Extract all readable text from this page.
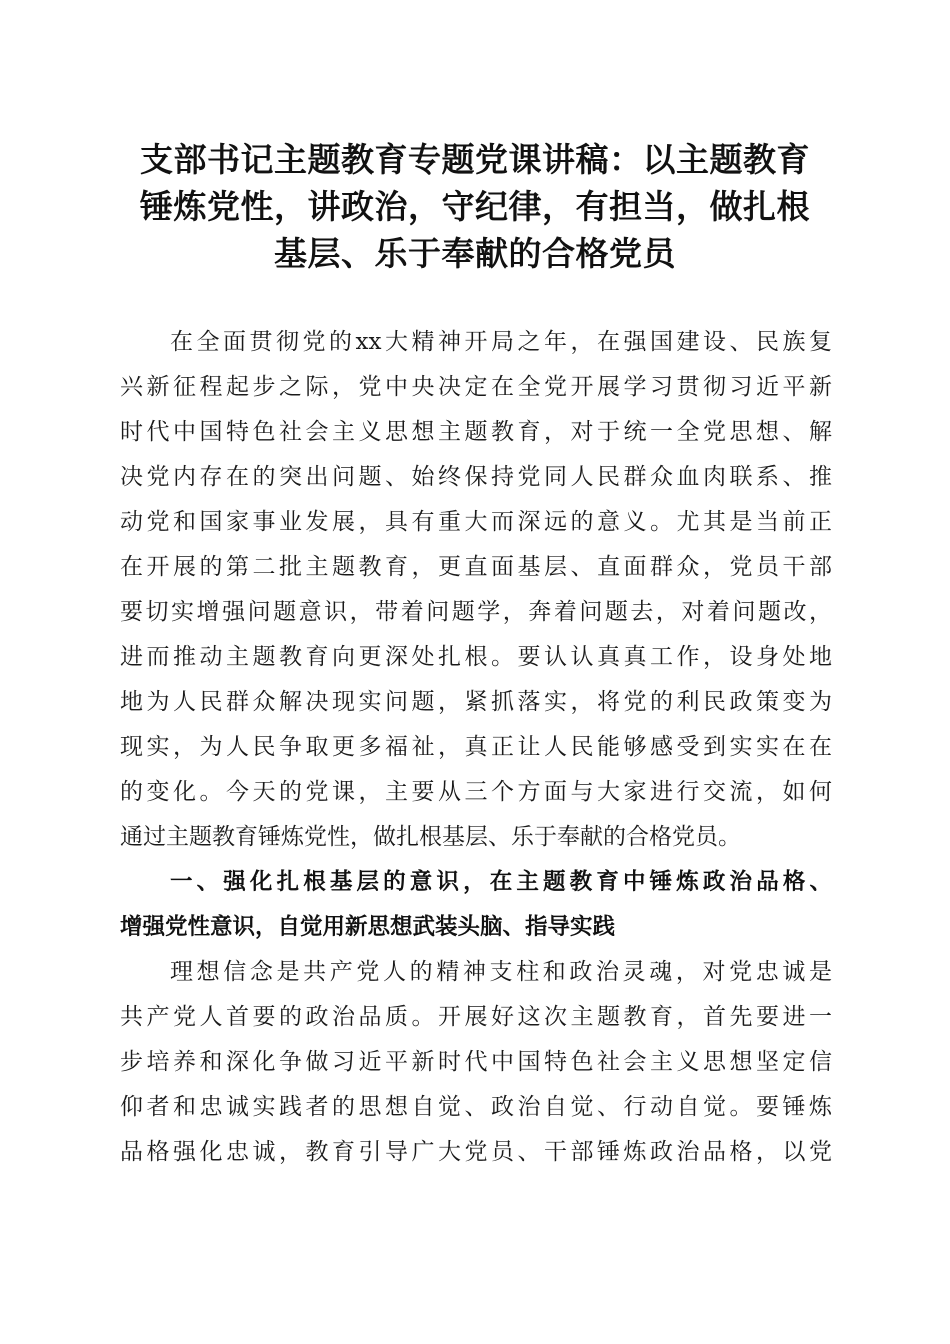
支部书记主题教育专题党课讲稿：以主题教育
锤炼党性，讲政治，守纪律，有担当，做扎根
基层、乐于奉献的合格党员
在全面贯彻党的xx大精神开局之年，在强国建设、民族复
兴新征程起步之际，党中央决定在全党开展学习贯彻习近平新
时代中国特色社会主义思想主题教育，对于统一全党思想、解
决党内存在的突出问题、始终保持党同人民群众血肉联系、推
动党和国家事业发展，具有重大而深远的意义。尤其是当前正
在开展的第二批主题教育，更直面基层、直面群众，党员干部
要切实增强问题意识，带着问题学，奔着问题去，对着问题改，
进而推动主题教育向更深处扎根。要认认真真工作，设身处地
地为人民群众解决现实问题，紧抓落实，将党的利民政策变为
现实，为人民争取更多福祉，真正让人民能够感受到实实在在
的变化。今天的党课，主要从三个方面与大家进行交流，如何
通过主题教育锤炼党性，做扎根基层、乐于奉献的合格党员。
一、强化扎根基层的意识，在主题教育中锤炼政治品格、
增强党性意识，自觉用新思想武装头脑、指导实践
理想信念是共产党人的精神支柱和政治灵魂，对党忠诚是
共产党人首要的政治品质。开展好这次主题教育，首先要进一
步培养和深化争做习近平新时代中国特色社会主义思想坚定信
仰者和忠诚实践者的思想自觉、政治自觉、行动自觉。要锤炼
品格强化忠诚，教育引导广大党员、干部锤炼政治品格，以党
